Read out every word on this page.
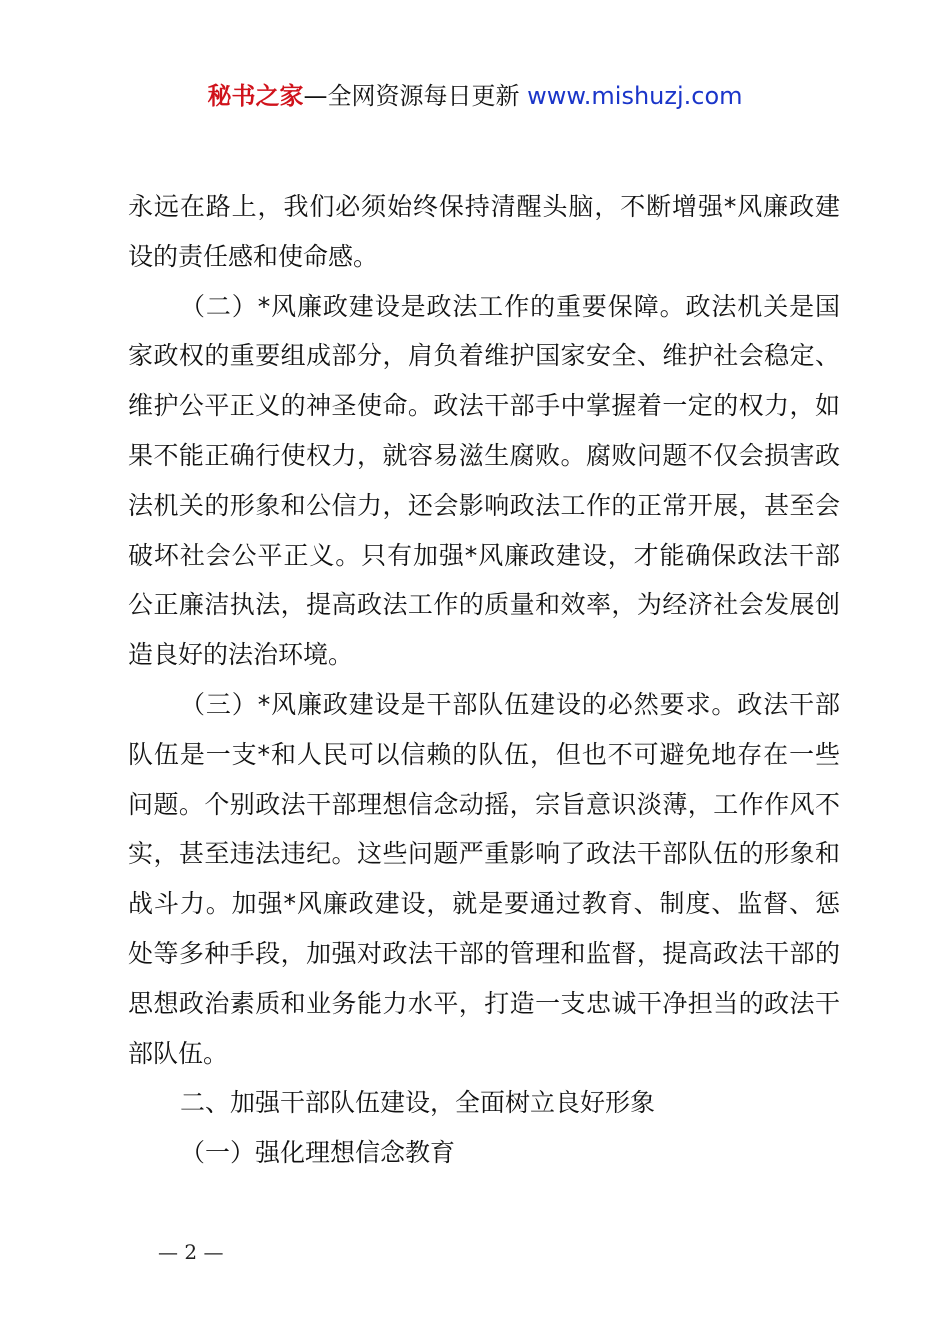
秘书之家—全网资源每日更新 www.mishuzj.com

永远在路上，我们必须始终保持清醒头脑，不断增强*风廉政建设的责任感和使命感。

（二）*风廉政建设是政法工作的重要保障。政法机关是国家政权的重要组成部分，肩负着维护国家安全、维护社会稳定、维护公平正义的神圣使命。政法干部手中掌握着一定的权力，如果不能正确行使权力，就容易滋生腐败。腐败问题不仅会损害政法机关的形象和公信力，还会影响政法工作的正常开展，甚至会破坏社会公平正义。只有加强*风廉政建设，才能确保政法干部公正廉洁执法，提高政法工作的质量和效率，为经济社会发展创造良好的法治环境。

（三）*风廉政建设是干部队伍建设的必然要求。政法干部队伍是一支*和人民可以信赖的队伍，但也不可避免地存在一些问题。个别政法干部理想信念动摇，宗旨意识淡薄，工作作风不实，甚至违法违纪。这些问题严重影响了政法干部队伍的形象和战斗力。加强*风廉政建设，就是要通过教育、制度、监督、惩处等多种手段，加强对政法干部的管理和监督，提高政法干部的思想政治素质和业务能力水平，打造一支忠诚干净担当的政法干部队伍。

二、加强干部队伍建设，全面树立良好形象

（一）强化理想信念教育

— 2 —
